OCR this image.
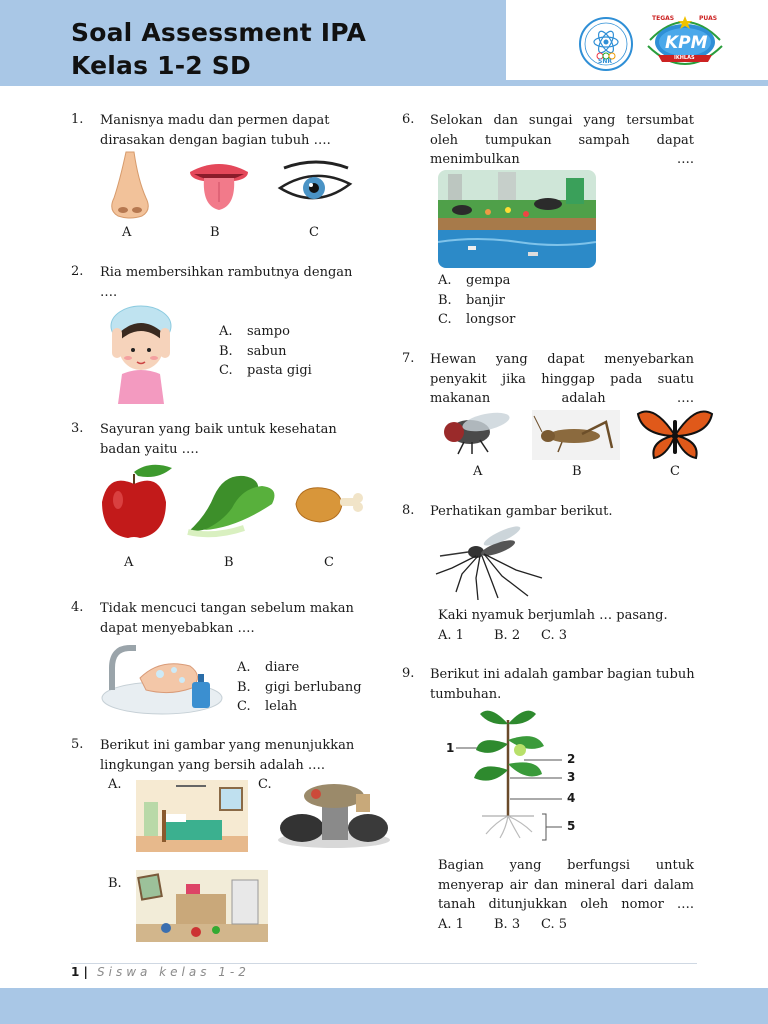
Soal Assessment IPA
Kelas 1-2 SD	SNR
TEGAS	PUAS
KPM
IKHLAS
1. Manisnya madu dan permen dapat dirasakan dengan bagian tubuh ….
A	B	C
2. Ria membersihkan rambutnya dengan ….
A. sampo
B. sabun
C. pasta gigi
3. Sayuran yang baik untuk kesehatan badan yaitu ….
A	B	C
4. Tidak mencuci tangan sebelum makan dapat menyebabkan ….
A. diare
B. gigi berlubang
C. lelah
5. Berikut ini gambar yang menunjukkan lingkungan yang bersih adalah ….
A.	C.
B.
6. Selokan dan sungai yang tersumbat oleh tumpukan sampah dapat menimbulkan ….
A. gempa
B. banjir
C. longsor
7. Hewan yang dapat menyebarkan penyakit jika hinggap pada suatu makanan adalah ….
A	B	C
8. Perhatikan gambar berikut.
Kaki nyamuk berjumlah … pasang.
A. 1 B. 2 C. 3
9. Berikut ini adalah gambar bagian tubuh tumbuhan.
1
2
3
4
5
Bagian yang berfungsi untuk menyerap air dan mineral dari dalam tanah ditunjukkan oleh nomor ….
A. 1 B. 3 C. 5
1 | Siswa kelas 1-2
